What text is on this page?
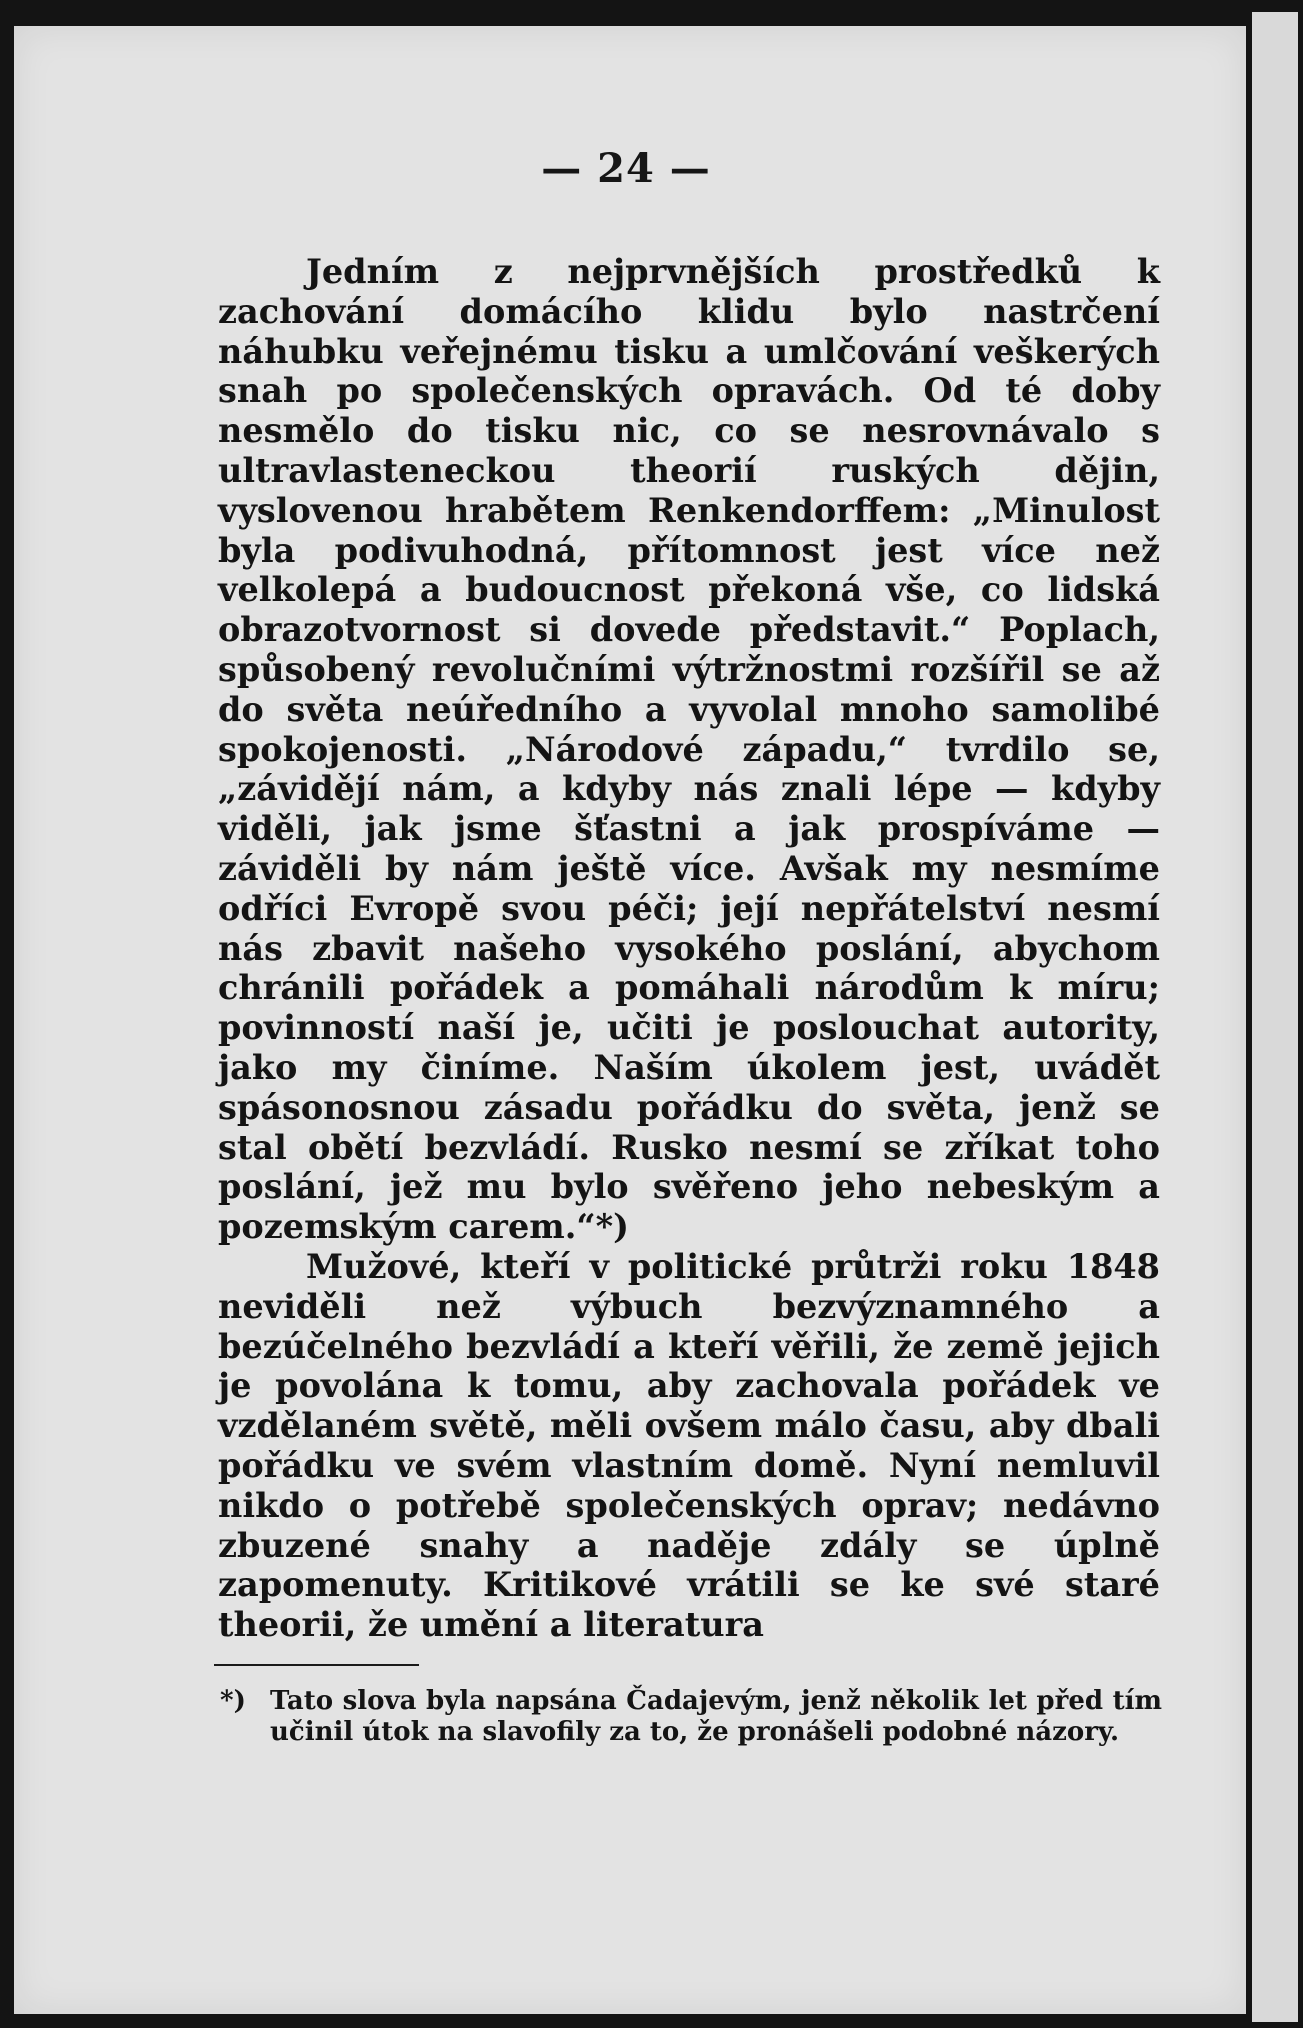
— 24 —

Jedním z nejprvnějších prostředků k zachování domácího klidu bylo nastrčení náhubku veřejnému tisku a umlčování veškerých snah po společenských opravách. Od té doby nesmělo do tisku nic, co se nesrovnávalo s ultravlasteneckou theorií ruských dějin, vyslovenou hrabětem Renkendorffem: „Minulost byla podivuhodná, přítomnost jest více než velkolepá a budoucnost překoná vše, co lidská obrazotvornost si dovede představit.“ Poplach, spůsobený revolučními výtržnostmi rozšířil se až do světa neúředního a vyvolal mnoho samolibé spokojenosti. „Národové západu,“ tvrdilo se, „závidějí nám, a kdyby nás znali lépe — kdyby viděli, jak jsme šťastni a jak prospíváme — záviděli by nám ještě více. Avšak my nesmíme odříci Evropě svou péči; její nepřátelství nesmí nás zbavit našeho vysokého poslání, abychom chránili pořádek a pomáhali národům k míru; povinností naší je, učiti je poslouchat autority, jako my činíme. Naším úkolem jest, uvádět spásonosnou zásadu pořádku do světa, jenž se stal obětí bezvládí. Rusko nesmí se zříkat toho poslání, jež mu bylo svěřeno jeho nebeským a pozemským carem.“*)

Mužové, kteří v politické průtrži roku 1848 neviděli než výbuch bezvýznamného a bezúčelného bezvládí a kteří věřili, že země jejich je povolána k tomu, aby zachovala pořádek ve vzdělaném světě, měli ovšem málo času, aby dbali pořádku ve svém vlastním domě. Nyní nemluvil nikdo o potřebě společenských oprav; nedávno zbuzené snahy a naděje zdály se úplně zapomenuty. Kritikové vrátili se ke své staré theorii, že umění a literatura

*) Tato slova byla napsána Čadajevým, jenž několik let před tím učinil útok na slavofily za to, že pronášeli podobné názory.
